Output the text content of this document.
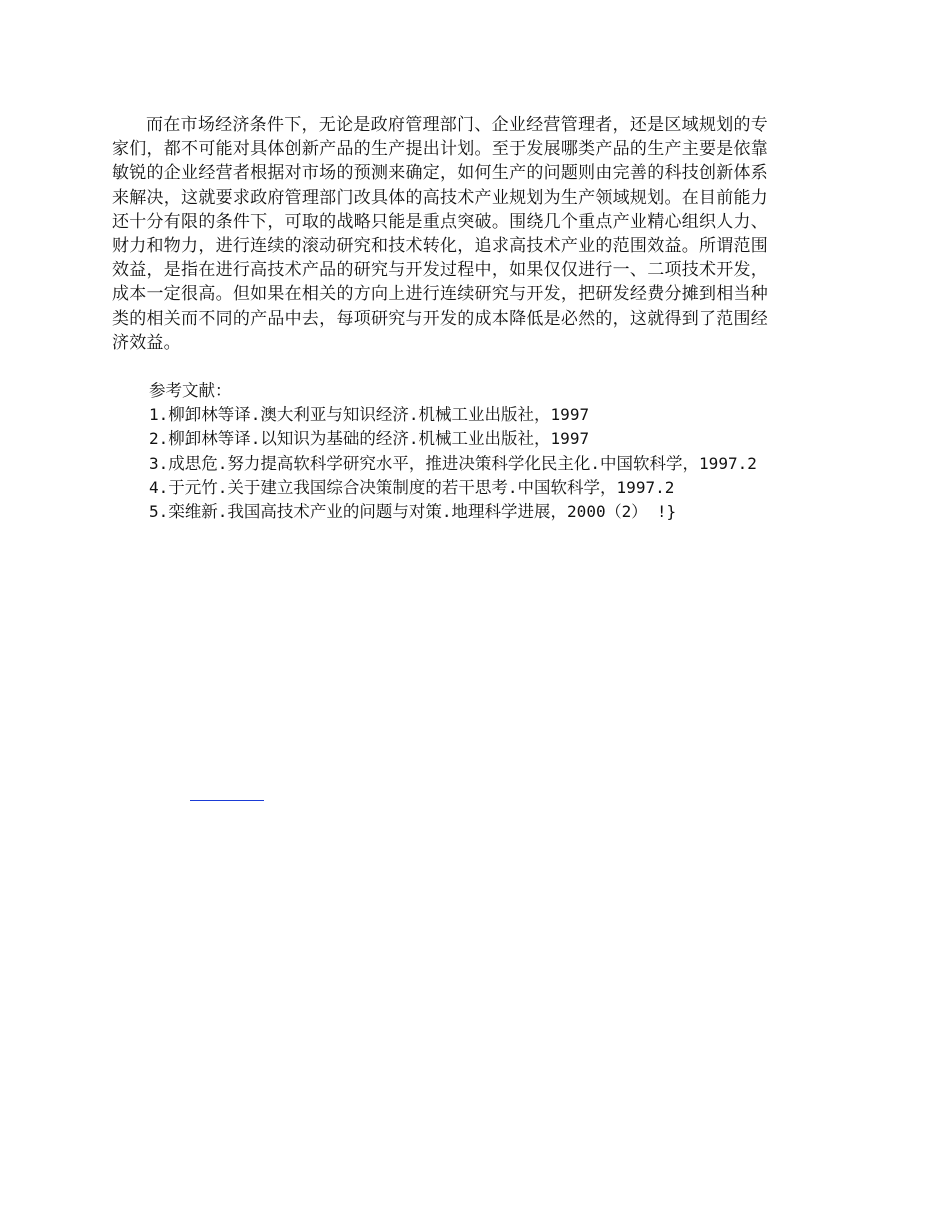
而在市场经济条件下，无论是政府管理部门、企业经营管理者，还是区域规划的专家们，都不可能对具体创新产品的生产提出计划。至于发展哪类产品的生产主要是依靠敏锐的企业经营者根据对市场的预测来确定，如何生产的问题则由完善的科技创新体系来解决，这就要求政府管理部门改具体的高技术产业规划为生产领域规划。在目前能力还十分有限的条件下，可取的战略只能是重点突破。围绕几个重点产业精心组织人力、财力和物力，进行连续的滚动研究和技术转化，追求高技术产业的范围效益。所谓范围效益，是指在进行高技术产品的研究与开发过程中，如果仅仅进行一、二项技术开发，成本一定很高。但如果在相关的方向上进行连续研究与开发，把研发经费分摊到相当种类的相关而不同的产品中去，每项研究与开发的成本降低是必然的，这就得到了范围经济效益。

参考文献：
1.柳卸林等译.澳大利亚与知识经济.机械工业出版社，1997
2.柳卸林等译.以知识为基础的经济.机械工业出版社，1997
3.成思危.努力提高软科学研究水平，推进决策科学化民主化.中国软科学，1997.2
4.于元竹.关于建立我国综合决策制度的若干思考.中国软科学，1997.2
5.栾维新.我国高技术产业的问题与对策.地理科学进展，2000（2） !}
